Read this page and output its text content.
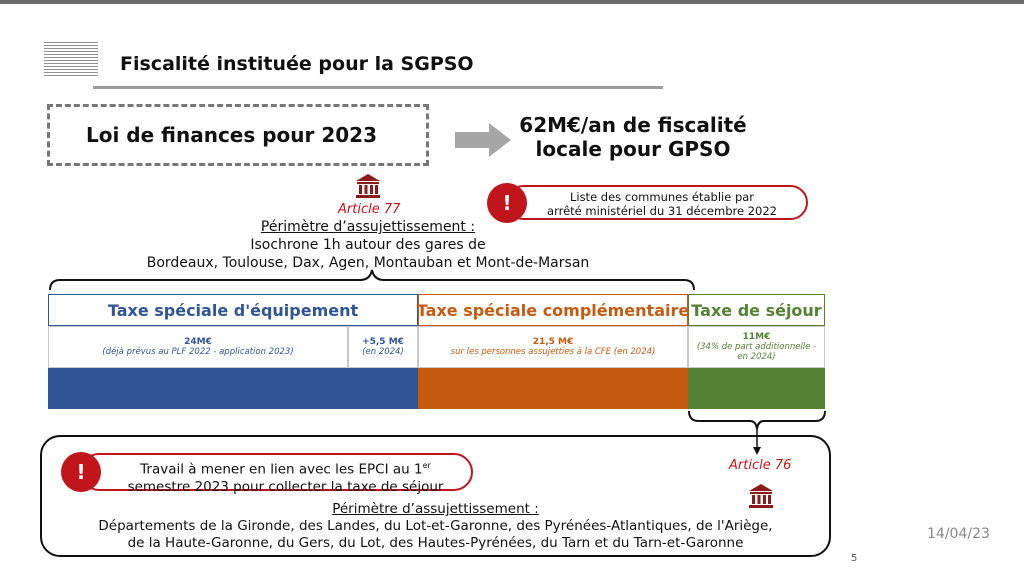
Fiscalité instituée pour la SGPSO
Loi de finances pour 2023	62M€/an de fiscalité
locale pour GPSO
Article 77
Liste des communes établie par
arrêté ministériel du 31 décembre 2022
!
Périmètre d’assujettissement :
Isochrone 1h autour des gares de
Bordeaux, Toulouse, Dax, Agen, Montauban et Mont-de-Marsan
Taxe spéciale d'équipement
24M€
(déjà prévus au PLF 2022 - application 2023)
+5,5 M€
(en 2024)
Taxe spéciale complémentaire
21,5 M€
sur les personnes assujetties à la CFE (en 2024)
Taxe de séjour
11M€
(34% de part additionnelle -
en 2024)
Travail à mener en lien avec les EPCI au 1er
semestre 2023 pour collecter la taxe de séjour
!	Article 76
Périmètre d’assujettissement :
Départements de la Gironde, des Landes, du Lot-et-Garonne, des Pyrénées-Atlantiques, de l'Ariège,
de la Haute-Garonne, du Gers, du Lot, des Hautes-Pyrénées, du Tarn et du Tarn-et-Garonne
14/04/23
5
